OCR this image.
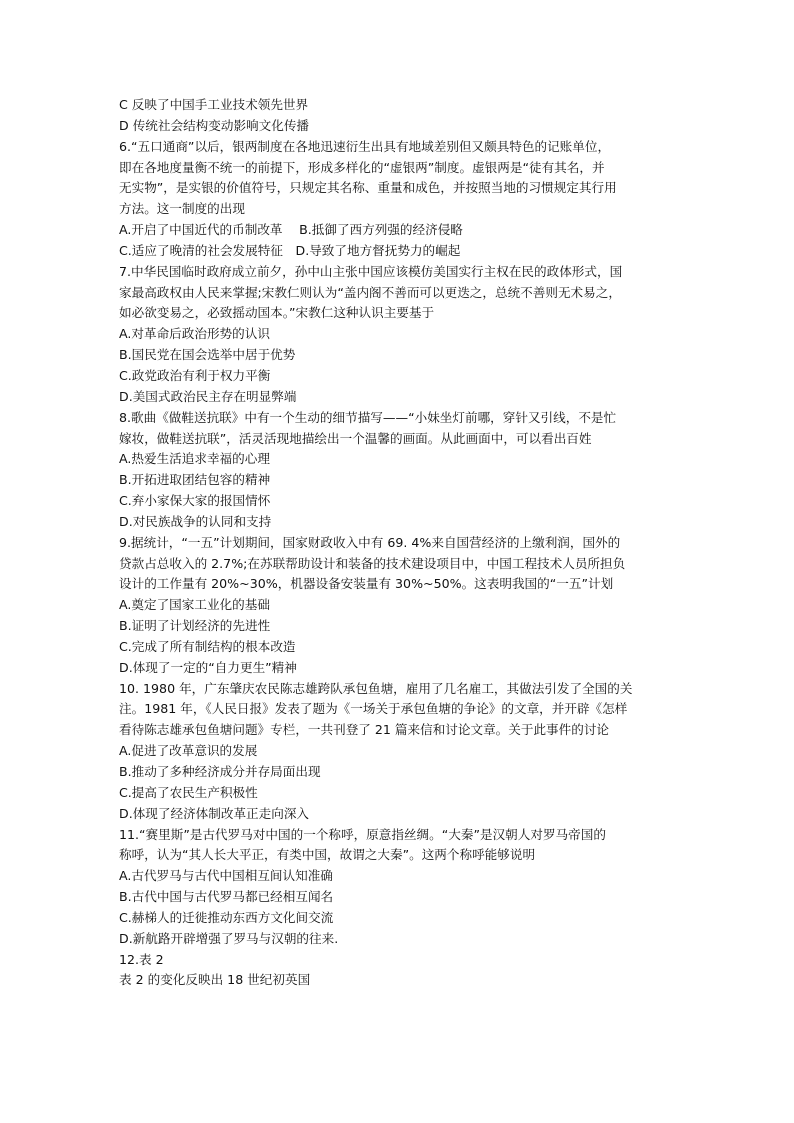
C 反映了中国手工业技术领先世界
D 传统社会结构变动影响文化传播
6.“五口通商”以后，银两制度在各地迅速衍生出具有地域差别但又颇具特色的记账单位，
即在各地度量衡不统一的前提下，形成多样化的“虚银两”制度。虚银两是“徒有其名，并
无实物”，是实银的价值符号，只规定其名称、重量和成色，并按照当地的习惯规定其行用
方法。这一制度的出现
A.开启了中国近代的币制改革　 B.抵御了西方列强的经济侵略
C.适应了晚清的社会发展特征　D.导致了地方督抚势力的崛起
7.中华民国临时政府成立前夕，孙中山主张中国应该模仿美国实行主权在民的政体形式，国
家最高政权由人民来掌握;宋教仁则认为“盖内阁不善而可以更迭之，总统不善则无术易之，
如必欲变易之，必致摇动国本。”宋教仁这种认识主要基于
A.对革命后政治形势的认识
B.国民党在国会选举中居于优势
C.政党政治有利于权力平衡
D.美国式政治民主存在明显弊端
8.歌曲《做鞋送抗联》中有一个生动的细节描写——“小妹坐灯前哪，穿针又引线，不是忙
嫁妆，做鞋送抗联”，活灵活现地描绘出一个温馨的画面。从此画面中，可以看出百姓
A.热爱生活追求幸福的心理
B.开拓进取团结包容的精神
C.弃小家保大家的报国情怀
D.对民族战争的认同和支持
9.据统计，“一五”计划期间，国家财政收入中有 69. 4%来自国营经济的上缴利润，国外的
贷款占总收入的 2.7%;在苏联帮助设计和装备的技术建设项目中，中国工程技术人员所担负
设计的工作量有 20%~30%，机器设备安装量有 30%~50%。这表明我国的“一五”计划
A.奠定了国家工业化的基础
B.证明了计划经济的先进性
C.完成了所有制结构的根本改造
D.体现了一定的“自力更生”精神
10. 1980 年，广东肇庆农民陈志雄跨队承包鱼塘，雇用了几名雇工，其做法引发了全国的关
注。1981 年，《人民日报》发表了题为《一场关于承包鱼塘的争论》的文章，并开辟《怎样
看待陈志雄承包鱼塘问题》专栏，一共刊登了 21 篇来信和讨论文章。关于此事件的讨论
A.促进了改革意识的发展
B.推动了多种经济成分并存局面出现
C.提高了农民生产积极性
D.体现了经济体制改革正走向深入
11.“赛里斯”是古代罗马对中国的一个称呼，原意指丝绸。“大秦”是汉朝人对罗马帝国的
称呼，认为“其人长大平正，有类中国，故谓之大秦”。这两个称呼能够说明
A.古代罗马与古代中国相互间认知准确
B.古代中国与古代罗马都已经相互闻名
C.赫梯人的迁徙推动东西方文化间交流
D.新航路开辟增强了罗马与汉朝的往来.
12.表 2
表 2 的变化反映出 18 世纪初英国
